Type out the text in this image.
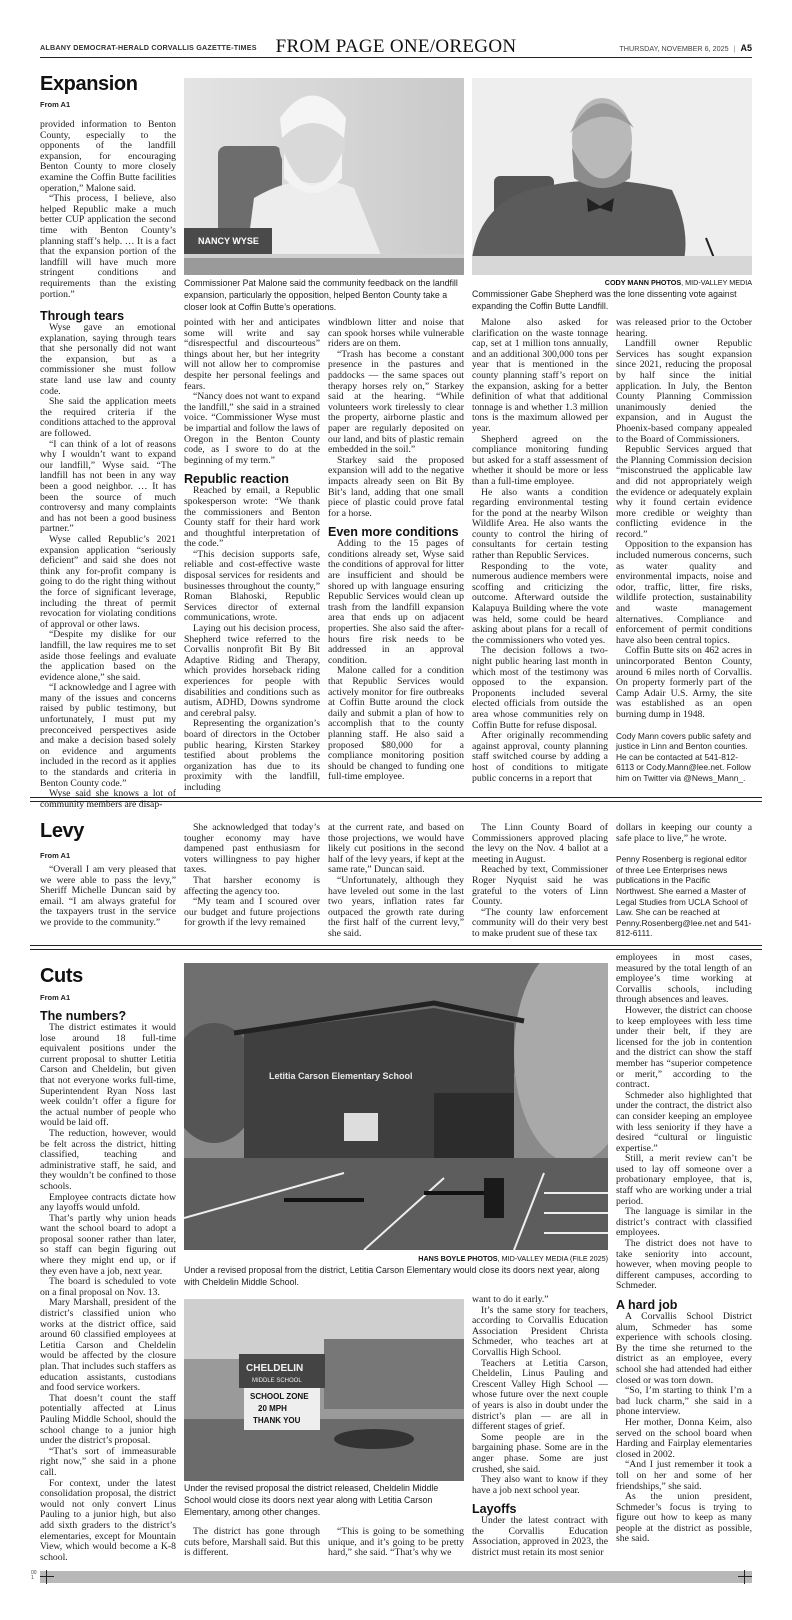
ALBANY DEMOCRAT-HERALD CORVALLIS GAZETTE-TIMES FROM PAGE ONE/OREGON	THURSDAY, NOVEMBER 6, 2025 | A5
Expansion
From A1

provided information to Benton County, especially to the opponents of the landfill expansion, for encouraging Benton County to more closely examine the Coffin Butte facilities operation,” Malone said.

“This process, I believe, also helped Republic make a much better CUP application the second time with Benton County’s planning staff’s help. … It is a fact that the expansion portion of the landfill will have much more stringent conditions and requirements than the existing portion.”

Through tears

Wyse gave an emotional explanation, saying through tears that she personally did not want the expansion, but as a commissioner she must follow state land use law and county code.

She said the application meets the required criteria if the conditions attached to the approval are followed.

“I can think of a lot of reasons why I wouldn’t want to expand our landfill,” Wyse said. “The landfill has not been in any way been a good neighbor. … It has been the source of much controversy and many complaints and has not been a good business partner.”

Wyse called Republic’s 2021 expansion application “seriously deficient” and said she does not think any for-profit company is going to do the right thing without the force of significant leverage, including the threat of permit revocation for violating conditions of approval or other laws.

“Despite my dislike for our landfill, the law requires me to set aside those feelings and evaluate the application based on the evidence alone,” she said.

“I acknowledge and I agree with many of the issues and concerns raised by public testimony, but unfortunately, I must put my preconceived perspectives aside and make a decision based solely on evidence and arguments included in the record as it applies to the standards and criteria in Benton County code.”

Wyse said she knows a lot of community members are disap-

NANCY WYSE
Commissioner Pat Malone said the community feedback on the landfill expansion, particularly the opposition, helped Benton County take a closer look at Coffin Butte’s operations.
CODY MANN PHOTOS, MID-VALLEY MEDIA
Commissioner Gabe Shepherd was the lone dissenting vote against expanding the Coffin Butte Landfill.

pointed with her and anticipates some will write and say “disrespectful and discourteous” things about her, but her integrity will not allow her to compromise despite her personal feelings and fears.

“Nancy does not want to expand the landfill,” she said in a strained voice. “Commissioner Wyse must be impartial and follow the laws of Oregon in the Benton County code, as I swore to do at the beginning of my term.”

Republic reaction

Reached by email, a Republic spokesperson wrote: “We thank the commissioners and Benton County staff for their hard work and thoughtful interpretation of the code.”

“This decision supports safe, reliable and cost-effective waste disposal services for residents and businesses throughout the county,” Roman Blahoski, Republic Services director of external communications, wrote.

Laying out his decision process, Shepherd twice referred to the Corvallis nonprofit Bit By Bit Adaptive Riding and Therapy, which provides horseback riding experiences for people with disabilities and conditions such as autism, ADHD, Downs syndrome and cerebral palsy.

Representing the organization’s board of directors in the October public hearing, Kirsten Starkey testified about problems the organization has due to its proximity with the landfill, including

windblown litter and noise that can spook horses while vulnerable riders are on them.

“Trash has become a constant presence in the pastures and paddocks — the same spaces out therapy horses rely on,” Starkey said at the hearing. “While volunteers work tirelessly to clear the property, airborne plastic and paper are regularly deposited on our land, and bits of plastic remain embedded in the soil.”

Starkey said the proposed expansion will add to the negative impacts already seen on Bit By Bit’s land, adding that one small piece of plastic could prove fatal for a horse.

Even more conditions

Adding to the 15 pages of conditions already set, Wyse said the conditions of approval for litter are insufficient and should be shored up with language ensuring Republic Services would clean up trash from the landfill expansion area that ends up on adjacent properties. She also said the after-hours fire risk needs to be addressed in an approval condition.

Malone called for a condition that Republic Services would actively monitor for fire outbreaks at Coffin Butte around the clock daily and submit a plan of how to accomplish that to the county planning staff. He also said a proposed $80,000 for a compliance monitoring position should be changed to funding one full-time employee.

Malone also asked for clarification on the waste tonnage cap, set at 1 million tons annually, and an additional 300,000 tons per year that is mentioned in the county planning staff’s report on the expansion, asking for a better definition of what that additional tonnage is and whether 1.3 million tons is the maximum allowed per year.

Shepherd agreed on the compliance monitoring funding but asked for a staff assessment of whether it should be more or less than a full-time employee.

He also wants a condition regarding environmental testing for the pond at the nearby Wilson Wildlife Area. He also wants the county to control the hiring of consultants for certain testing rather than Republic Services.

Responding to the vote, numerous audience members were scoffing and criticizing the outcome. Afterward outside the Kalapuya Building where the vote was held, some could be heard asking about plans for a recall of the commissioners who voted yes.

The decision follows a two-night public hearing last month in which most of the testimony was opposed to the expansion. Proponents included several elected officials from outside the area whose communities rely on Coffin Butte for refuse disposal.

After originally recommending against approval, county planning staff switched course by adding a host of conditions to mitigate public concerns in a report that

was released prior to the October hearing.

Landfill owner Republic Services has sought expansion since 2021, reducing the proposal by half since the initial application. In July, the Benton County Planning Commission unanimously denied the expansion, and in August the Phoenix-based company appealed to the Board of Commissioners.

Republic Services argued that the Planning Commission decision “misconstrued the applicable law and did not appropriately weigh the evidence or adequately explain why it found certain evidence more credible or weighty than conflicting evidence in the record.”

Opposition to the expansion has included numerous concerns, such as water quality and environmental impacts, noise and odor, traffic, litter, fire risks, wildlife protection, sustainability and waste management alternatives. Compliance and enforcement of permit conditions have also been central topics.

Coffin Butte sits on 462 acres in unincorporated Benton County, around 6 miles north of Corvallis. On property formerly part of the Camp Adair U.S. Army, the site was established as an open burning dump in 1948.

Cody Mann covers public safety and justice in Linn and Benton counties. He can be contacted at 541-812-6113 or Cody.Mann@lee.net. Follow him on Twitter via @News_Mann_.

Levy
From A1

“Overall I am very pleased that we were able to pass the levy,” Sheriff Michelle Duncan said by email. “I am always grateful for the taxpayers trust in the service we provide to the community.”

She acknowledged that today’s tougher economy may have dampened past enthusiasm for voters willingness to pay higher taxes.

That harsher economy is affecting the agency too.

“My team and I scoured over our budget and future projections for growth if the levy remained

at the current rate, and based on those projections, we would have likely cut positions in the second half of the levy years, if kept at the same rate,” Duncan said.

“Unfortunately, although they have leveled out some in the last two years, inflation rates far outpaced the growth rate during the first half of the current levy,” she said.

The Linn County Board of Commissioners approved placing the levy on the Nov. 4 ballot at a meeting in August.

Reached by text, Commissioner Roger Nyquist said he was grateful to the voters of Linn County.

“The county law enforcement community will do their very best to make prudent sue of these tax

dollars in keeping our county a safe place to live,” he wrote.

Penny Rosenberg is regional editor of three Lee Enterprises news publications in the Pacific Northwest. She earned a Master of Legal Studies from UCLA School of Law. She can be reached at Penny.Rosenberg@lee.net and 541-812-6111.

Cuts
From A1
The numbers?

The district estimates it would lose around 18 full-time equivalent positions under the current proposal to shutter Letitia Carson and Cheldelin, but given that not everyone works full-time, Superintendent Ryan Noss last week couldn’t offer a figure for the actual number of people who would be laid off.

The reduction, however, would be felt across the district, hitting classified, teaching and administrative staff, he said, and they wouldn’t be confined to those schools.

Employee contracts dictate how any layoffs would unfold.

That’s partly why union heads want the school board to adopt a proposal sooner rather than later, so staff can begin figuring out where they might end up, or if they even have a job, next year.

The board is scheduled to vote on a final proposal on Nov. 13.

Mary Marshall, president of the district’s classified union who works at the district office, said around 60 classified employees at Letitia Carson and Cheldelin would be affected by the closure plan. That includes such staffers as education assistants, custodians and food service workers.

That doesn’t count the staff potentially affected at Linus Pauling Middle School, should the school change to a junior high under the district’s proposal.

“That’s sort of immeasurable right now,” she said in a phone call.

For context, under the latest consolidation proposal, the district would not only convert Linus Pauling to a junior high, but also add sixth graders to the district’s elementaries, except for Mountain View, which would become a K-8 school.

Letitia Carson Elementary School
HANS BOYLE PHOTOS, MID-VALLEY MEDIA (FILE 2025)
Under a revised proposal from the district, Letitia Carson Elementary would close its doors next year, along with Cheldelin Middle School.
CHELDELIN
MIDDLE SCHOOL
SCHOOL ZONE
20 MPH
THANK YOU
Under the revised proposal the district released, Cheldelin Middle School would close its doors next year along with Letitia Carson Elementary, among other changes.

The district has gone through cuts before, Marshall said. But this is different.

“This is going to be something unique, and it’s going to be pretty hard,” she said. “That’s why we

want to do it early.”

It’s the same story for teachers, according to Corvallis Education Association President Christa Schmeder, who teaches art at Corvallis High School.

Teachers at Letitia Carson, Cheldelin, Linus Pauling and Crescent Valley High School — whose future over the next couple of years is also in doubt under the district’s plan — are all in different stages of grief.

Some people are in the bargaining phase. Some are in the anger phase. Some are just crushed, she said.

They also want to know if they have a job next school year.

Layoffs

Under the latest contract with the Corvallis Education Association, approved in 2023, the district must retain its most senior

employees in most cases, measured by the total length of an employee’s time working at Corvallis schools, including through absences and leaves.

However, the district can choose to keep employees with less time under their belt, if they are licensed for the job in contention and the district can show the staff member has “superior competence or merit,” according to the contract.

Schmeder also highlighted that under the contract, the district also can consider keeping an employee with less seniority if they have a desired “cultural or linguistic expertise.”

Still, a merit review can’t be used to lay off someone over a probationary employee, that is, staff who are working under a trial period.

The language is similar in the district’s contract with classified employees.

The district does not have to take seniority into account, however, when moving people to different campuses, according to Schmeder.

A hard job

A Corvallis School District alum, Schmeder has some experience with schools closing. By the time she returned to the district as an employee, every school she had attended had either closed or was torn down.

“So, I’m starting to think I’m a bad luck charm,” she said in a phone interview.

Her mother, Donna Keim, also served on the school board when Harding and Fairplay elementaries closed in 2002.

“And I just remember it took a toll on her and some of her friendships,” she said.

As the union president, Schmeder’s focus is trying to figure out how to keep as many people at the district as possible, she said.

00
1
